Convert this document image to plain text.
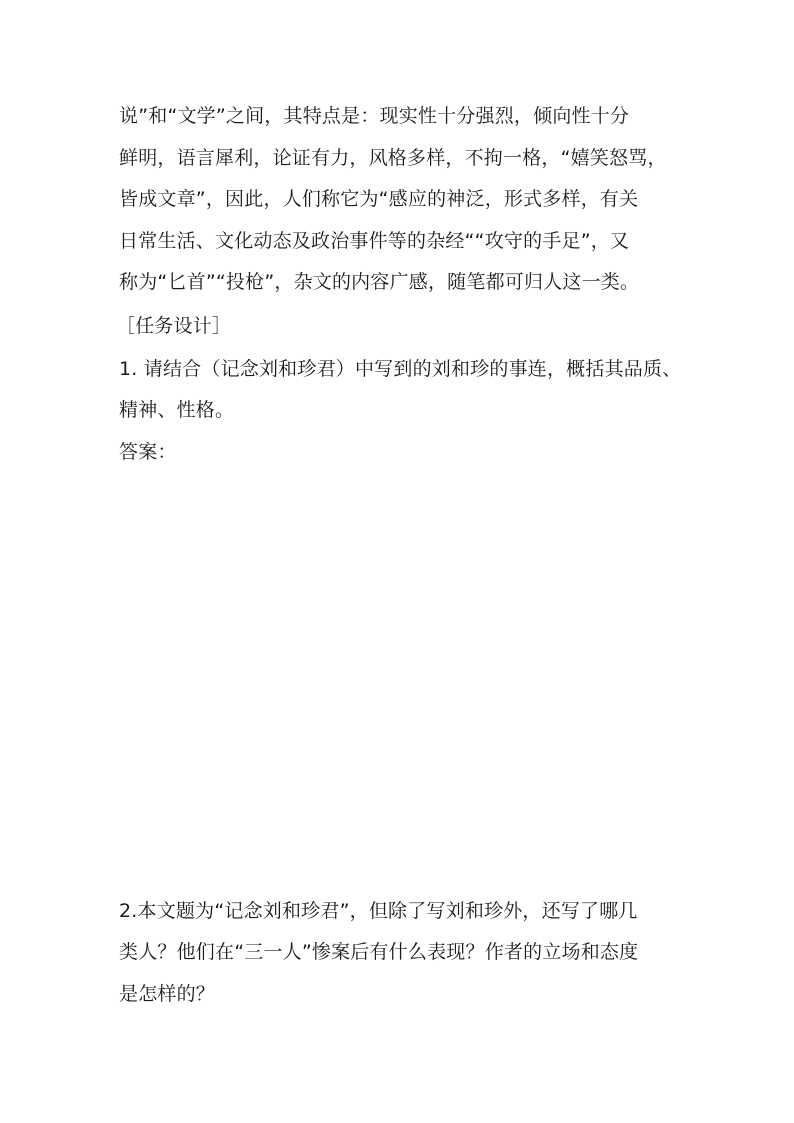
说”和“文学”之间，其特点是：现实性十分强烈，倾向性十分
鲜明，语言犀利，论证有力，风格多样，不拘一格，“嬉笑怒骂，
皆成文章”，因此，人们称它为“感应的神泛，形式多样，有关
日常生活、文化动态及政治事件等的杂经““攻守的手足”，又
称为“匕首”“投枪”，杂文的内容广感，随笔都可归人这一类。
［任务设计］
1. 请结合（记念刘和珍君）中写到的刘和珍的事连，概括其品质、
精神、性格。
答案：
2.本文题为“记念刘和珍君”，但除了写刘和珍外，还写了哪几
类人？他们在“三一人”惨案后有什么表现？作者的立场和态度
是怎样的？
